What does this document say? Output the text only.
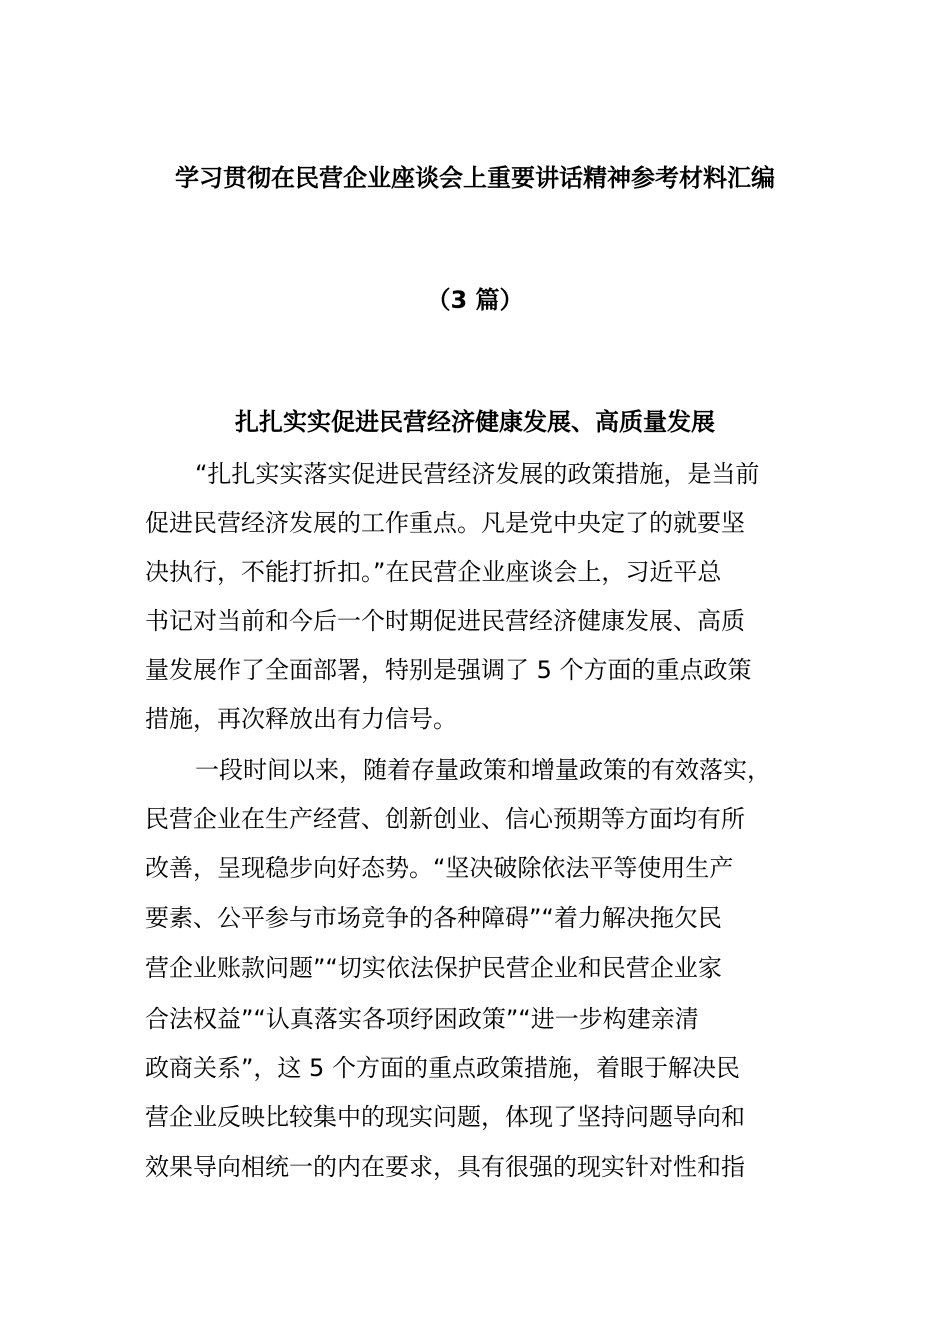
学习贯彻在民营企业座谈会上重要讲话精神参考材料汇编
（3 篇）
扎扎实实促进民营经济健康发展、高质量发展

“扎扎实实落实促进民营经济发展的政策措施，是当前

促进民营经济发展的工作重点。凡是党中央定了的就要坚

决执行，不能打折扣。”在民营企业座谈会上，习近平总

书记对当前和今后一个时期促进民营经济健康发展、高质

量发展作了全面部署，特别是强调了 5 个方面的重点政策

措施，再次释放出有力信号。

一段时间以来，随着存量政策和增量政策的有效落实，

民营企业在生产经营、创新创业、信心预期等方面均有所

改善，呈现稳步向好态势。“坚决破除依法平等使用生产

要素、公平参与市场竞争的各种障碍”“着力解决拖欠民

营企业账款问题”“切实依法保护民营企业和民营企业家

合法权益”“认真落实各项纾困政策”“进一步构建亲清

政商关系”，这 5 个方面的重点政策措施，着眼于解决民

营企业反映比较集中的现实问题，体现了坚持问题导向和

效果导向相统一的内在要求，具有很强的现实针对性和指
